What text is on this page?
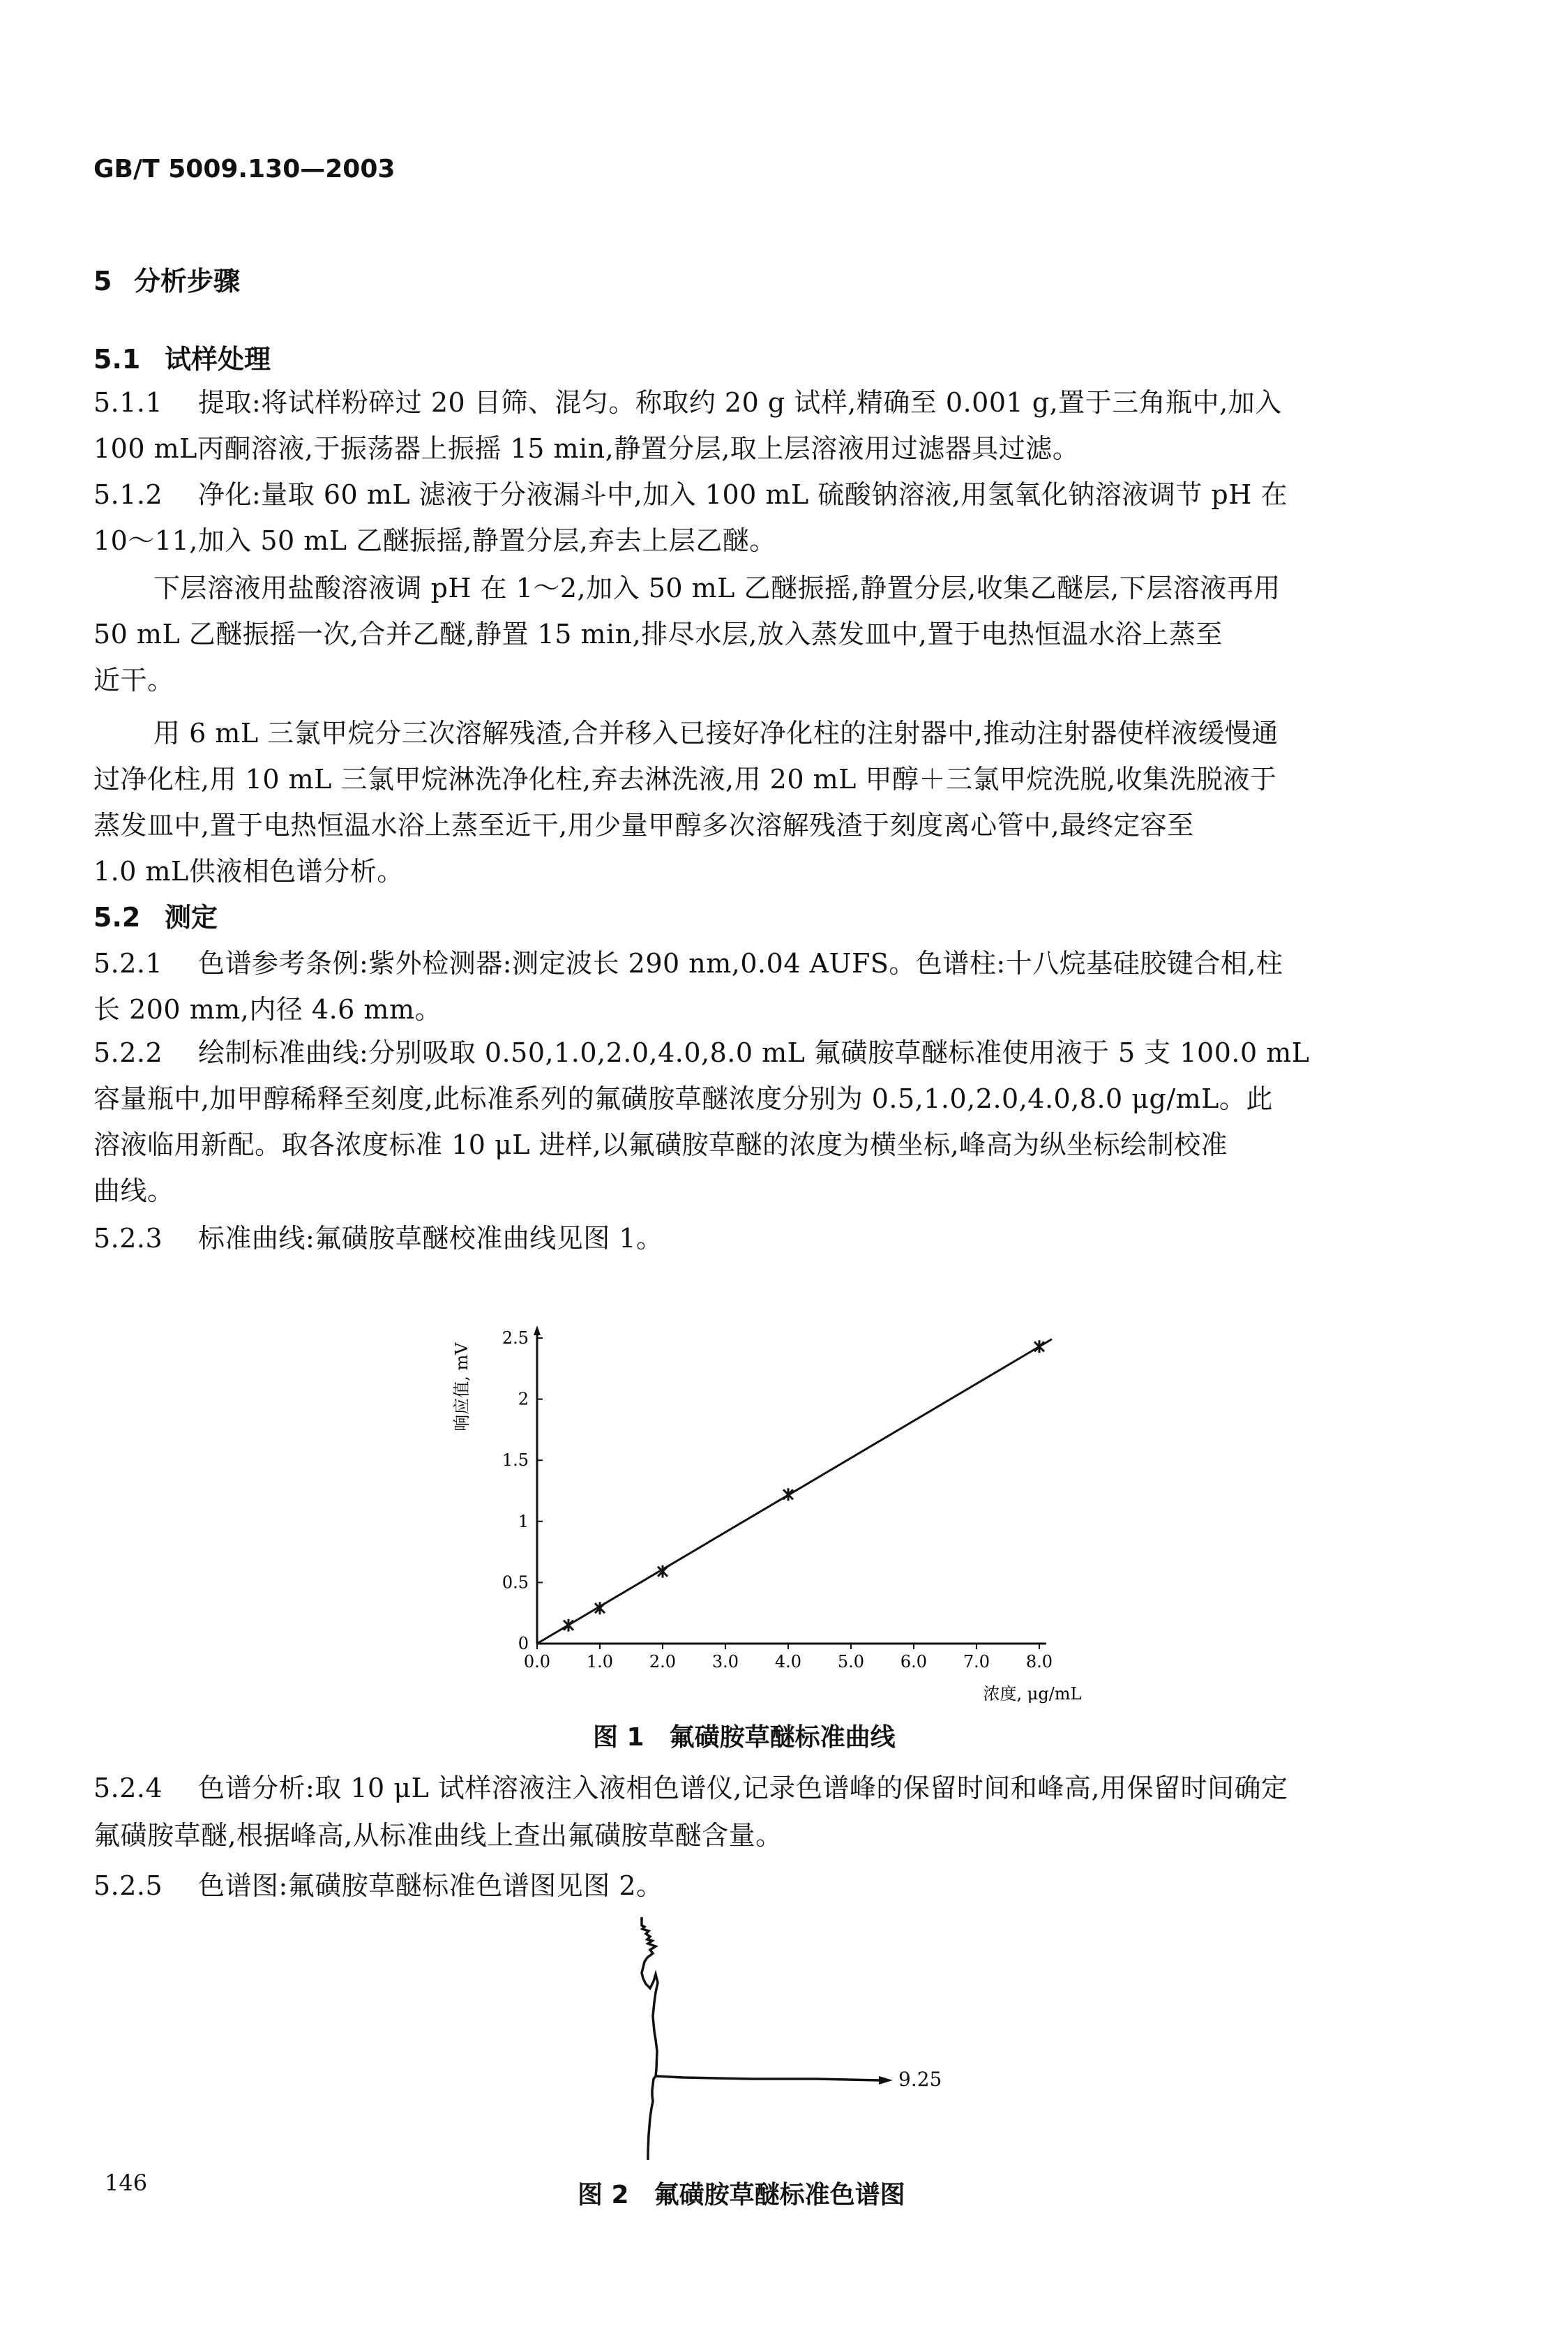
GB/T 5009.130—2003
5 分析步骤
5.1 试样处理
5.1.1 提取:将试样粉碎过 20 目筛、混匀。称取约 20 g 试样,精确至 0.001 g,置于三角瓶中,加入
100 mL丙酮溶液,于振荡器上振摇 15 min,静置分层,取上层溶液用过滤器具过滤。
5.1.2 净化:量取 60 mL 滤液于分液漏斗中,加入 100 mL 硫酸钠溶液,用氢氧化钠溶液调节 pH 在
10～11,加入 50 mL 乙醚振摇,静置分层,弃去上层乙醚。
下层溶液用盐酸溶液调 pH 在 1～2,加入 50 mL 乙醚振摇,静置分层,收集乙醚层,下层溶液再用
50 mL 乙醚振摇一次,合并乙醚,静置 15 min,排尽水层,放入蒸发皿中,置于电热恒温水浴上蒸至
近干。
用 6 mL 三氯甲烷分三次溶解残渣,合并移入已接好净化柱的注射器中,推动注射器使样液缓慢通
过净化柱,用 10 mL 三氯甲烷淋洗净化柱,弃去淋洗液,用 20 mL 甲醇＋三氯甲烷洗脱,收集洗脱液于
蒸发皿中,置于电热恒温水浴上蒸至近干,用少量甲醇多次溶解残渣于刻度离心管中,最终定容至
1.0 mL供液相色谱分析。
5.2 测定
5.2.1 色谱参考条例:紫外检测器:测定波长 290 nm,0.04 AUFS。色谱柱:十八烷基硅胶键合相,柱
长 200 mm,内径 4.6 mm。
5.2.2 绘制标准曲线:分别吸取 0.50,1.0,2.0,4.0,8.0 mL 氟磺胺草醚标准使用液于 5 支 100.0 mL
容量瓶中,加甲醇稀释至刻度,此标准系列的氟磺胺草醚浓度分别为 0.5,1.0,2.0,4.0,8.0 μg/mL。此
溶液临用新配。取各浓度标准 10 μL 进样,以氟磺胺草醚的浓度为横坐标,峰高为纵坐标绘制校准
曲线。
5.2.3 标准曲线:氟磺胺草醚校准曲线见图 1。
0.0 1.0 2.0 3.0 4.0 5.0 6.0 7.0 8.0
0
0.5
1
1.5
2
2.5
浓度, μg/mL
响应值, mV
图 1　氟磺胺草醚标准曲线
5.2.4 色谱分析:取 10 μL 试样溶液注入液相色谱仪,记录色谱峰的保留时间和峰高,用保留时间确定
氟磺胺草醚,根据峰高,从标准曲线上查出氟磺胺草醚含量。
5.2.5 色谱图:氟磺胺草醚标准色谱图见图 2。
9.25
图 2　氟磺胺草醚标准色谱图
146
